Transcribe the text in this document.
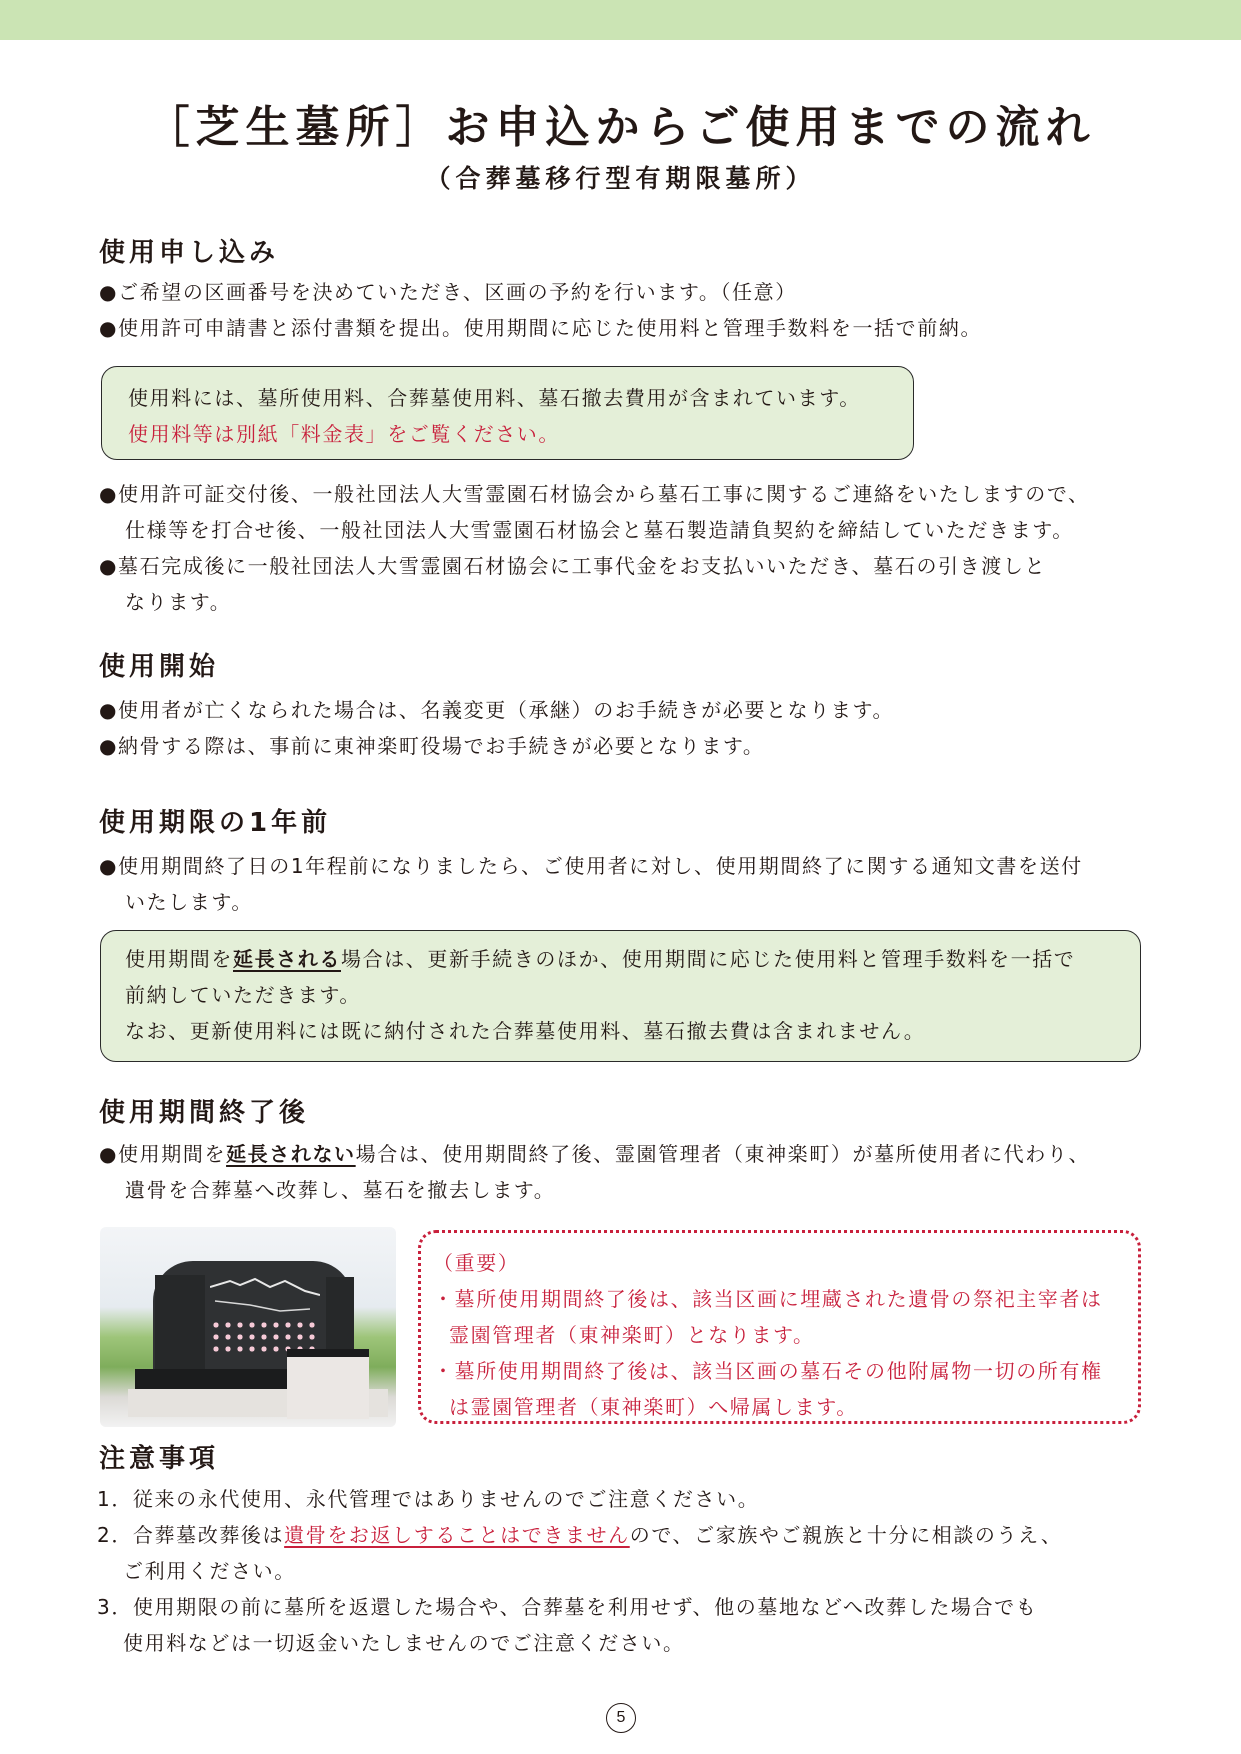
［芝生墓所］お申込からご使用までの流れ
（合葬墓移行型有期限墓所）
使用申し込み
●ご希望の区画番号を決めていただき、区画の予約を行います。（任意）
●使用許可申請書と添付書類を提出。使用期間に応じた使用料と管理手数料を一括で前納。
使用料には、墓所使用料、合葬墓使用料、墓石撤去費用が含まれています。
使用料等は別紙「料金表」をご覧ください。
●使用許可証交付後、一般社団法人大雪霊園石材協会から墓石工事に関するご連絡をいたしますので、
仕様等を打合せ後、一般社団法人大雪霊園石材協会と墓石製造請負契約を締結していただきます。
●墓石完成後に一般社団法人大雪霊園石材協会に工事代金をお支払いいただき、墓石の引き渡しと
なります。
使用開始
●使用者が亡くなられた場合は、名義変更（承継）のお手続きが必要となります。
●納骨する際は、事前に東神楽町役場でお手続きが必要となります。
使用期限の1年前
●使用期間終了日の1年程前になりましたら、ご使用者に対し、使用期間終了に関する通知文書を送付
いたします。
使用期間を延長される場合は、更新手続きのほか、使用期間に応じた使用料と管理手数料を一括で
前納していただきます。
なお、更新使用料には既に納付された合葬墓使用料、墓石撤去費は含まれません。
使用期間終了後
●使用期間を延長されない場合は、使用期間終了後、霊園管理者（東神楽町）が墓所使用者に代わり、
遺骨を合葬墓へ改葬し、墓石を撤去します。
（重要）
・墓所使用期間終了後は、該当区画に埋蔵された遺骨の祭祀主宰者は
霊園管理者（東神楽町）となります。
・墓所使用期間終了後は、該当区画の墓石その他附属物一切の所有権
は霊園管理者（東神楽町）へ帰属します。
注意事項
1．従来の永代使用、永代管理ではありませんのでご注意ください。
2．合葬墓改葬後は遺骨をお返しすることはできませんので、ご家族やご親族と十分に相談のうえ、
ご利用ください。
3．使用期限の前に墓所を返還した場合や、合葬墓を利用せず、他の墓地などへ改葬した場合でも
使用料などは一切返金いたしませんのでご注意ください。
5
